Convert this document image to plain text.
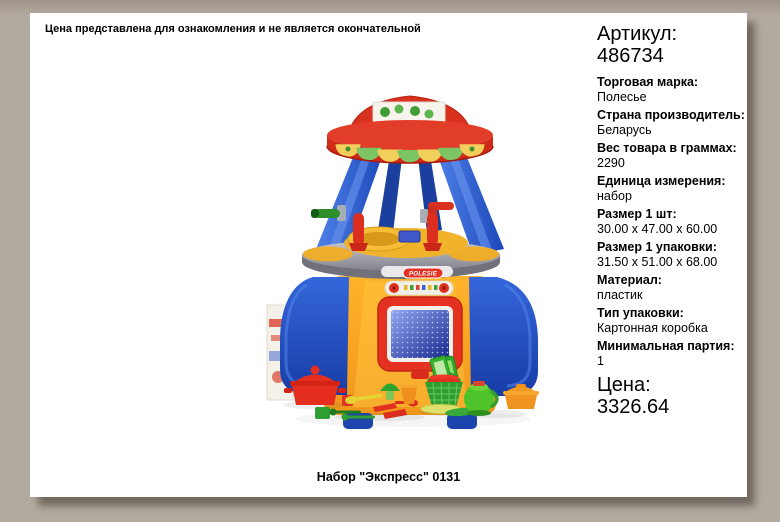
Цена представлена для ознакомления и не является окончательной
POLESIE
Артикул:
486734
Торговая марка:
Полесье
Страна производитель:
Беларусь
Вес товара в граммах:
2290
Единица измерения:
набор
Размер 1 шт:
30.00 x 47.00 x 60.00
Размер 1 упаковки:
31.50 x 51.00 x 68.00
Материал:
пластик
Тип упаковки:
Картонная коробка
Минимальная партия:
1
Цена:
3326.64
Набор "Экспресс" 0131
